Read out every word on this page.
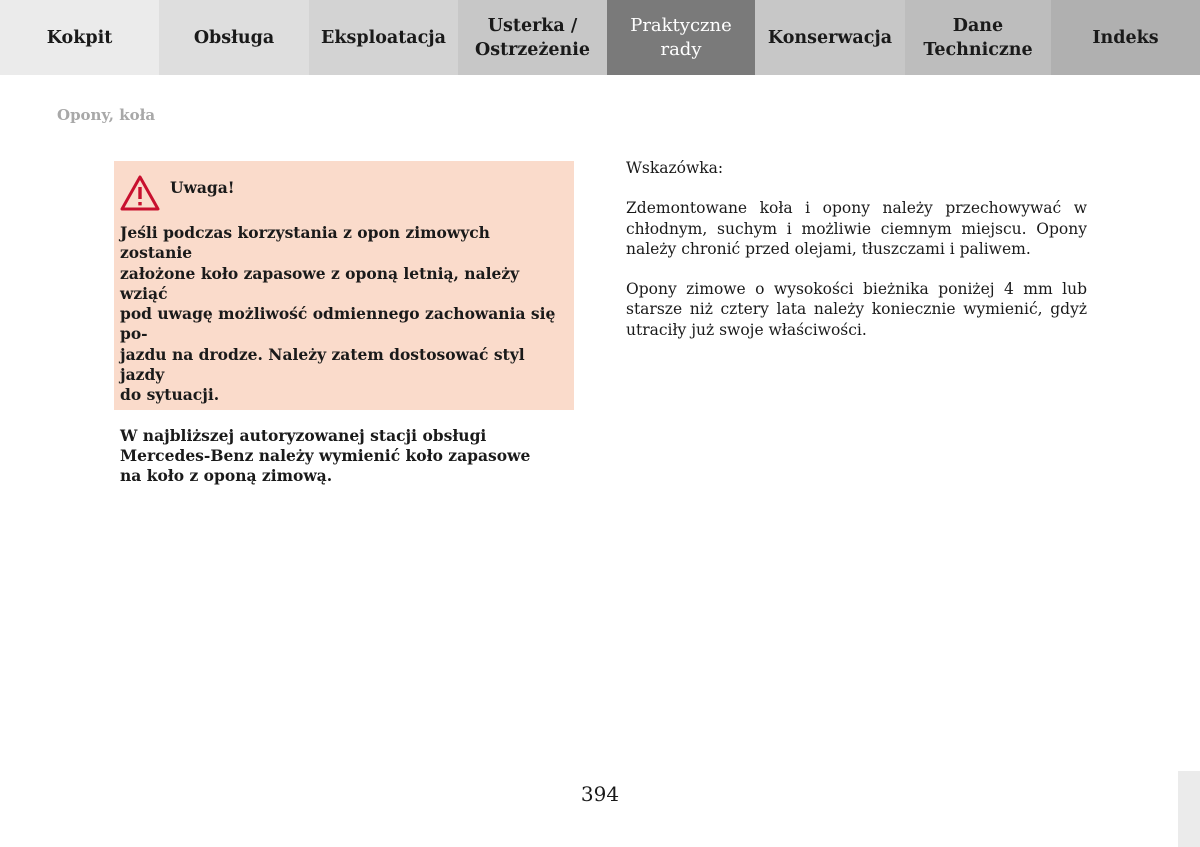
Kokpit	Obsługa	Eksploatacja
Usterka /
Ostrzeżenie
Praktyczne
rady
Konserwacja
Dane
Techniczne
Indeks
Opony, koła
Uwaga!

Jeśli podczas korzystania z opon zimowych zostanie
założone koło zapasowe z oponą letnią, należy wziąć
pod uwagę możliwość odmiennego zachowania się po-
jazdu na drodze. Należy zatem dostosować styl jazdy
do sytuacji.

W najbliższej autoryzowanej stacji obsługi
Mercedes-Benz należy wymienić koło zapasowe
na koło z oponą zimową.

Wskazówka:

Zdemontowane koła i opony należy przechowywać w chłodnym, suchym i możliwie ciemnym miejscu. Opony należy chronić przed olejami, tłuszczami i paliwem.

Opony zimowe o wysokości bieżnika poniżej 4 mm lub starsze niż cztery lata należy koniecznie wymienić, gdyż utraciły już swoje właściwości.

394
